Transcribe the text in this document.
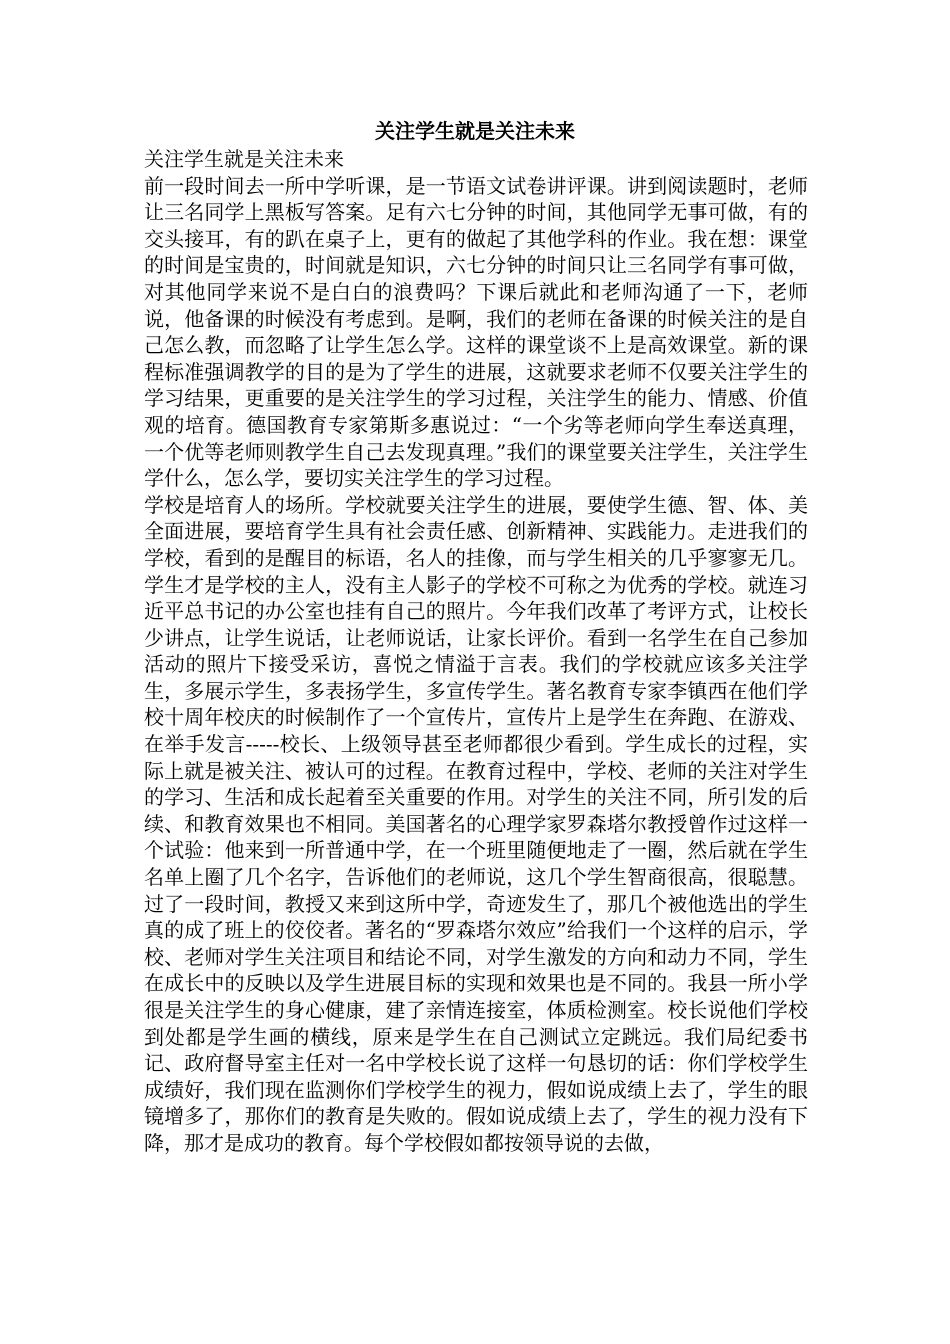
关注学生就是关注未来

关注学生就是关注未来

前一段时间去一所中学听课，是一节语文试卷讲评课。讲到阅读题时，老师让三名同学上黑板写答案。足有六七分钟的时间，其他同学无事可做，有的交头接耳，有的趴在桌子上，更有的做起了其他学科的作业。我在想：课堂的时间是宝贵的，时间就是知识，六七分钟的时间只让三名同学有事可做，对其他同学来说不是白白的浪费吗？下课后就此和老师沟通了一下，老师说，他备课的时候没有考虑到。是啊，我们的老师在备课的时候关注的是自己怎么教，而忽略了让学生怎么学。这样的课堂谈不上是高效课堂。新的课程标准强调教学的目的是为了学生的进展，这就要求老师不仅要关注学生的学习结果，更重要的是关注学生的学习过程，关注学生的能力、情感、价值观的培育。德国教育专家第斯多惠说过：“一个劣等老师向学生奉送真理，一个优等老师则教学生自己去发现真理。”我们的课堂要关注学生，关注学生学什么，怎么学，要切实关注学生的学习过程。

学校是培育人的场所。学校就要关注学生的进展，要使学生德、智、体、美全面进展，要培育学生具有社会责任感、创新精神、实践能力。走进我们的学校，看到的是醒目的标语，名人的挂像，而与学生相关的几乎寥寥无几。学生才是学校的主人，没有主人影子的学校不可称之为优秀的学校。就连习近平总书记的办公室也挂有自己的照片。今年我们改革了考评方式，让校长少讲点，让学生说话，让老师说话，让家长评价。看到一名学生在自己参加活动的照片下接受采访，喜悦之情溢于言表。我们的学校就应该多关注学生，多展示学生，多表扬学生，多宣传学生。著名教育专家李镇西在他们学校十周年校庆的时候制作了一个宣传片，宣传片上是学生在奔跑、在游戏、在举手发言-----校长、上级领导甚至老师都很少看到。学生成长的过程，实际上就是被关注、被认可的过程。在教育过程中，学校、老师的关注对学生的学习、生活和成长起着至关重要的作用。对学生的关注不同，所引发的后续、和教育效果也不相同。美国著名的心理学家罗森塔尔教授曾作过这样一个试验：他来到一所普通中学，在一个班里随便地走了一圈，然后就在学生名单上圈了几个名字，告诉他们的老师说，这几个学生智商很高，很聪慧。过了一段时间，教授又来到这所中学，奇迹发生了，那几个被他选出的学生真的成了班上的佼佼者。著名的“罗森塔尔效应”给我们一个这样的启示，学校、老师对学生关注项目和结论不同，对学生激发的方向和动力不同，学生在成长中的反映以及学生进展目标的实现和效果也是不同的。我县一所小学很是关注学生的身心健康，建了亲情连接室，体质检测室。校长说他们学校到处都是学生画的横线，原来是学生在自己测试立定跳远。我们局纪委书记、政府督导室主任对一名中学校长说了这样一句恳切的话：你们学校学生成绩好，我们现在监测你们学校学生的视力，假如说成绩上去了，学生的眼镜增多了，那你们的教育是失败的。假如说成绩上去了，学生的视力没有下降，那才是成功的教育。每个学校假如都按领导说的去做，
